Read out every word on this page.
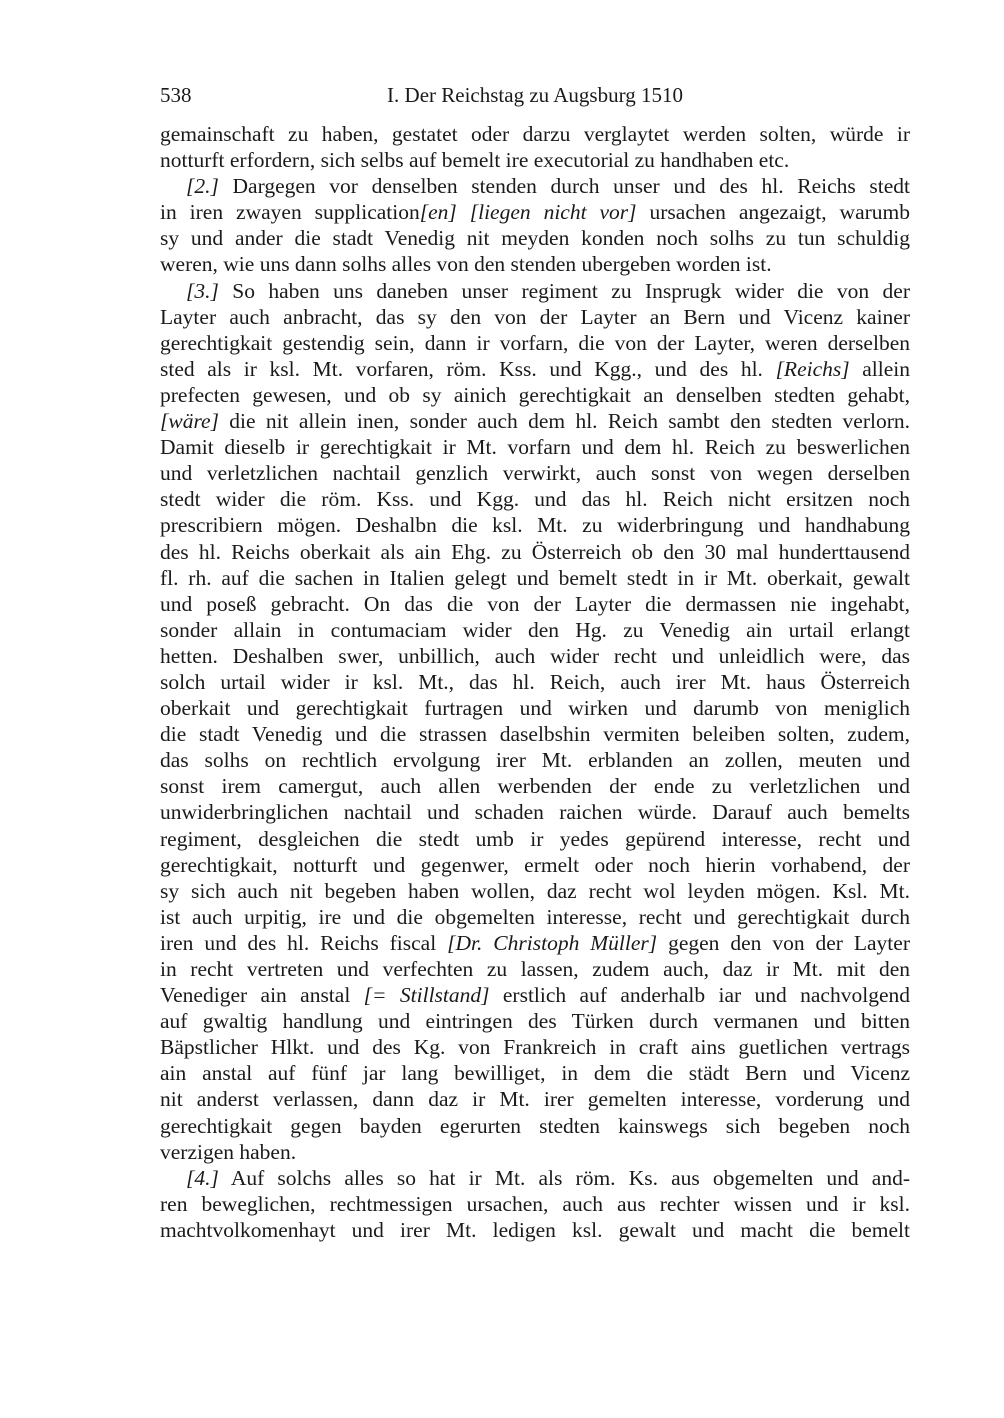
538	I. Der Reichstag zu Augsburg 1510
gemainschaft zu haben, gestatet oder darzu verglaytet werden solten, würde ir
notturft erfordern, sich selbs auf bemelt ire executorial zu handhaben etc.
[2.] Dargegen vor denselben stenden durch unser und des hl. Reichs stedt
in iren zwayen supplication[en] [liegen nicht vor] ursachen angezaigt, warumb
sy und ander die stadt Venedig nit meyden konden noch solhs zu tun schuldig
weren, wie uns dann solhs alles von den stenden ubergeben worden ist.
[3.] So haben uns daneben unser regiment zu Insprugk wider die von der
Layter auch anbracht, das sy den von der Layter an Bern und Vicenz kainer
gerechtigkait gestendig sein, dann ir vorfarn, die von der Layter, weren derselben
sted als ir ksl. Mt. vorfaren, röm. Kss. und Kgg., und des hl. [Reichs] allein
prefecten gewesen, und ob sy ainich gerechtigkait an denselben stedten gehabt,
[wäre] die nit allein inen, sonder auch dem hl. Reich sambt den stedten verlorn.
Damit dieselb ir gerechtigkait ir Mt. vorfarn und dem hl. Reich zu beswerlichen
und verletzlichen nachtail genzlich verwirkt, auch sonst von wegen derselben
stedt wider die röm. Kss. und Kgg. und das hl. Reich nicht ersitzen noch
prescribiern mögen. Deshalbn die ksl. Mt. zu widerbringung und handhabung
des hl. Reichs oberkait als ain Ehg. zu Österreich ob den 30 mal hunderttausend
fl. rh. auf die sachen in Italien gelegt und bemelt stedt in ir Mt. oberkait, gewalt
und poseß gebracht. On das die von der Layter die dermassen nie ingehabt,
sonder allain in contumaciam wider den Hg. zu Venedig ain urtail erlangt
hetten. Deshalben swer, unbillich, auch wider recht und unleidlich were, das
solch urtail wider ir ksl. Mt., das hl. Reich, auch irer Mt. haus Österreich
oberkait und gerechtigkait furtragen und wirken und darumb von meniglich
die stadt Venedig und die strassen daselbshin vermiten beleiben solten, zudem,
das solhs on rechtlich ervolgung irer Mt. erblanden an zollen, meuten und
sonst irem camergut, auch allen werbenden der ende zu verletzlichen und
unwiderbringlichen nachtail und schaden raichen würde. Darauf auch bemelts
regiment, desgleichen die stedt umb ir yedes gepürend interesse, recht und
gerechtigkait, notturft und gegenwer, ermelt oder noch hierin vorhabend, der
sy sich auch nit begeben haben wollen, daz recht wol leyden mögen. Ksl. Mt.
ist auch urpitig, ire und die obgemelten interesse, recht und gerechtigkait durch
iren und des hl. Reichs fiscal [Dr. Christoph Müller] gegen den von der Layter
in recht vertreten und verfechten zu lassen, zudem auch, daz ir Mt. mit den
Venediger ain anstal [= Stillstand] erstlich auf anderhalb iar und nachvolgend
auf gwaltig handlung und eintringen des Türken durch vermanen und bitten
Bäpstlicher Hlkt. und des Kg. von Frankreich in craft ains guetlichen vertrags
ain anstal auf fünf jar lang bewilliget, in dem die städt Bern und Vicenz
nit anderst verlassen, dann daz ir Mt. irer gemelten interesse, vorderung und
gerechtigkait gegen bayden egerurten stedten kainswegs sich begeben noch
verzigen haben.
[4.] Auf solchs alles so hat ir Mt. als röm. Ks. aus obgemelten und and-
ren beweglichen, rechtmessigen ursachen, auch aus rechter wissen und ir ksl.
machtvolkomenhayt und irer Mt. ledigen ksl. gewalt und macht die bemelt
